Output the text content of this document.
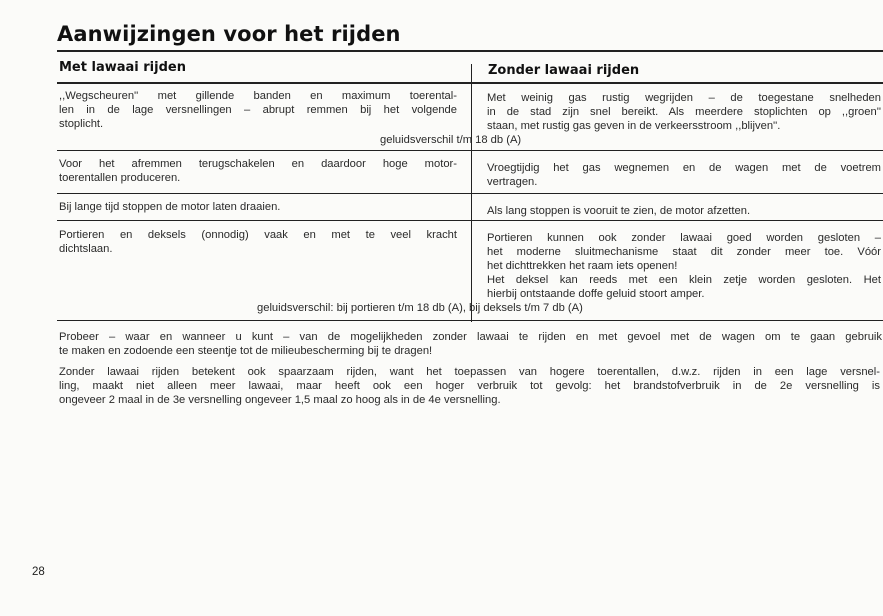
Aanwijzingen voor het rijden
Met lawaai rijden	Zonder lawaai rijden
,,Wegscheuren'' met gillende banden en maximum toerental-
len in de lage versnellingen – abrupt remmen bij het volgende
stoplicht.
Met weinig gas rustig wegrijden – de toegestane snelheden
in de stad zijn snel bereikt. Als meerdere stoplichten op ,,groen''
staan, met rustig gas geven in de verkeersstroom ,,blijven''.
geluidsverschil t/m 18 db (A)
Voor het afremmen terugschakelen en daardoor hoge motor-
toerentallen produceren.
Vroegtijdig het gas wegnemen en de wagen met de voetrem
vertragen.
Bij lange tijd stoppen de motor laten draaien.	Als lang stoppen is vooruit te zien, de motor afzetten.
Portieren en deksels (onnodig) vaak en met te veel kracht
dichtslaan.
Portieren kunnen ook zonder lawaai goed worden gesloten –
het moderne sluitmechanisme staat dit zonder meer toe. Vóór
het dichttrekken het raam iets openen!
Het deksel kan reeds met een klein zetje worden gesloten. Het
hierbij ontstaande doffe geluid stoort amper.
geluidsverschil: bij portieren t/m 18 db (A), bij deksels t/m 7 db (A)
Probeer – waar en wanneer u kunt – van de mogelijkheden zonder lawaai te rijden en met gevoel met de wagen om te gaan gebruik
te maken en zodoende een steentje tot de milieubescherming bij te dragen!
Zonder lawaai rijden betekent ook spaarzaam rijden, want het toepassen van hogere toerentallen, d.w.z. rijden in een lage versnel-
ling, maakt niet alleen meer lawaai, maar heeft ook een hoger verbruik tot gevolg: het brandstofverbruik in de 2e versnelling is
ongeveer 2 maal in de 3e versnelling ongeveer 1,5 maal zo hoog als in de 4e versnelling.
28
